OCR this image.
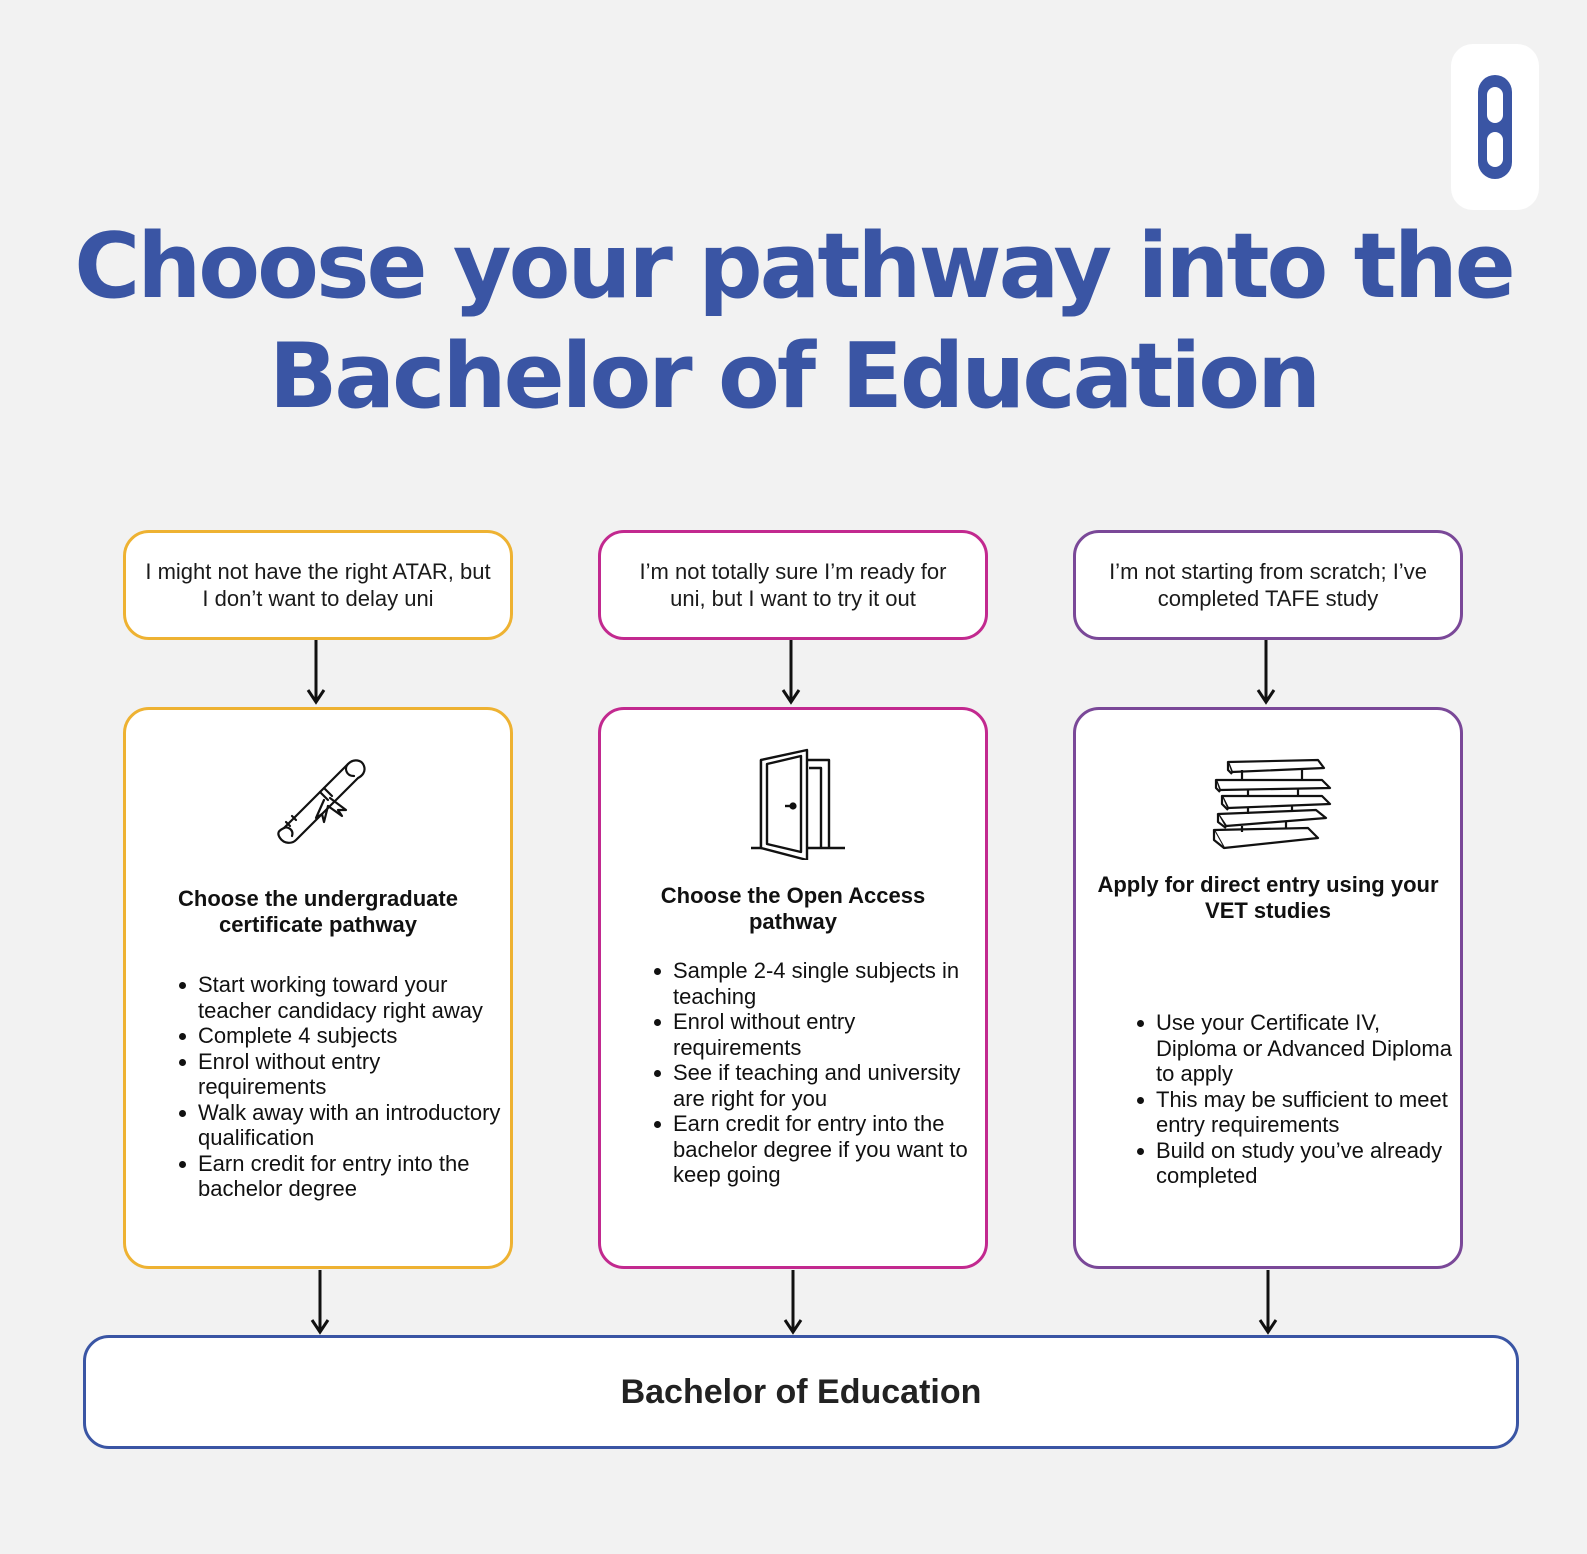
Choose your pathway into the
Bachelor of Education
I might not have the right ATAR, but I don’t want to delay uni
I’m not totally sure I’m ready for uni, but I want to try it out
I’m not starting from scratch; I’ve completed TAFE study
Choose the undergraduate certificate pathway
Start working toward your teacher candidacy right away
Complete 4 subjects
Enrol without entry requirements
Walk away with an introductory qualification
Earn credit for entry into the bachelor degree
Choose the Open Access pathway
Sample 2-4 single subjects in teaching
Enrol without entry requirements
See if teaching and university are right for you
Earn credit for entry into the bachelor degree if you want to keep going
Apply for direct entry using your VET studies
Use your Certificate IV, Diploma or Advanced Diploma to apply
This may be sufficient to meet entry requirements
Build on study you’ve already completed
Bachelor of Education
